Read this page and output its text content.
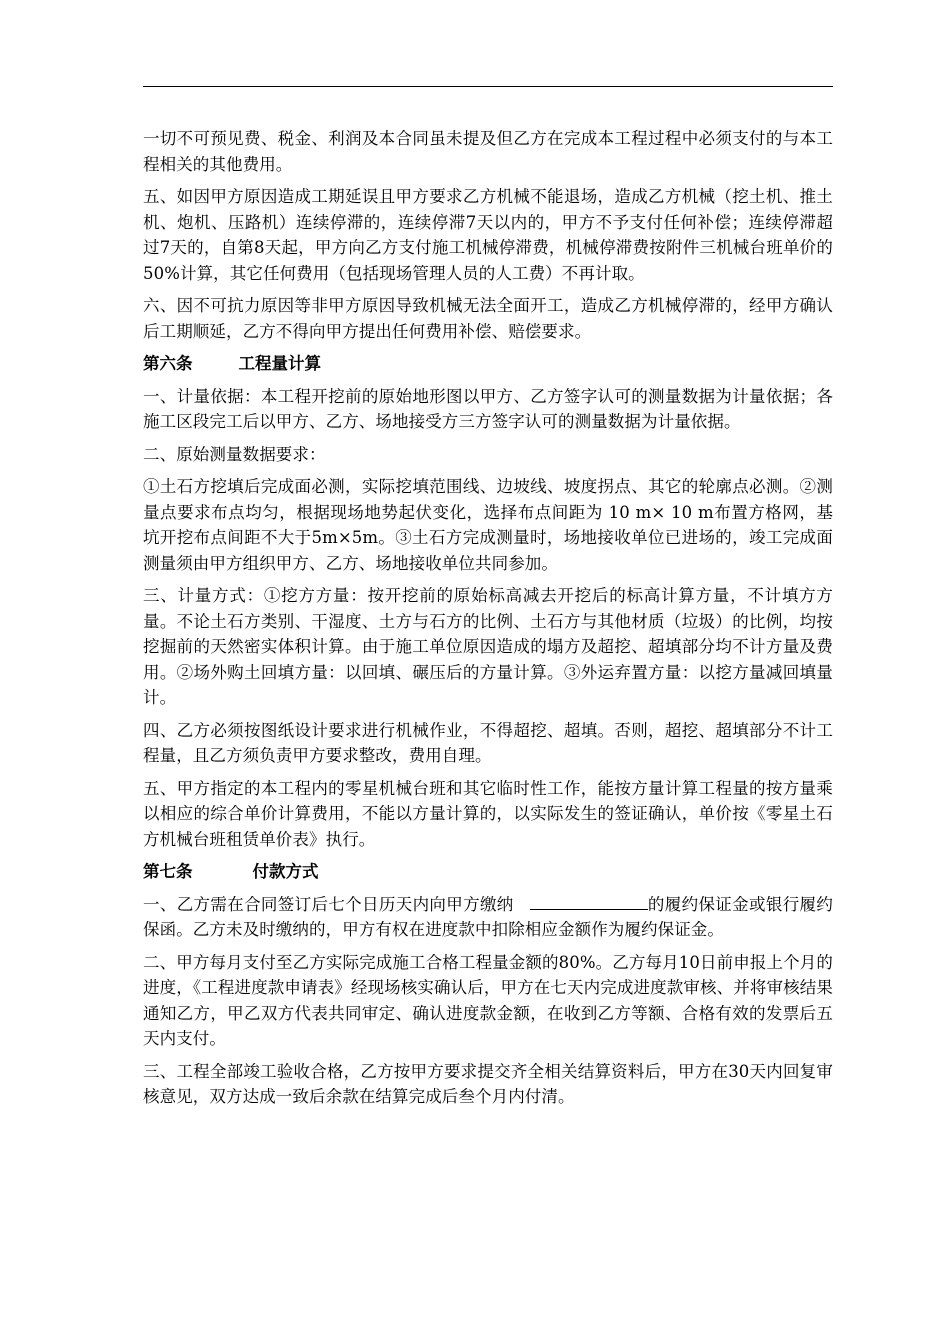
一切不可预见费、税金、利润及本合同虽未提及但乙方在完成本工程过程中必须支付的与本工程相关的其他费用。

五、如因甲方原因造成工期延误且甲方要求乙方机械不能退场，造成乙方机械（挖土机、推土机、炮机、压路机）连续停滞的，连续停滞7天以内的，甲方不予支付任何补偿；连续停滞超过7天的，自第8天起，甲方向乙方支付施工机械停滞费，机械停滞费按附件三机械台班单价的50%计算，其它任何费用（包括现场管理人员的人工费）不再计取。

六、因不可抗力原因等非甲方原因导致机械无法全面开工，造成乙方机械停滞的，经甲方确认后工期顺延，乙方不得向甲方提出任何费用补偿、赔偿要求。

第六条	工程量计算

一、计量依据：本工程开挖前的原始地形图以甲方、乙方签字认可的测量数据为计量依据；各施工区段完工后以甲方、乙方、场地接受方三方签字认可的测量数据为计量依据。

二、原始测量数据要求：

①土石方挖填后完成面必测，实际挖填范围线、边坡线、坡度拐点、其它的轮廓点必测。②测量点要求布点均匀，根据现场地势起伏变化，选择布点间距为 10 m× 10 m布置方格网，基坑开挖布点间距不大于5m×5m。③土石方完成测量时，场地接收单位已进场的，竣工完成面测量须由甲方组织甲方、乙方、场地接收单位共同参加。

三、计量方式：①挖方方量：按开挖前的原始标高减去开挖后的标高计算方量，不计填方方量。不论土石方类别、干湿度、土方与石方的比例、土石方与其他材质（垃圾）的比例，均按挖掘前的天然密实体积计算。由于施工单位原因造成的塌方及超挖、超填部分均不计方量及费用。②场外购土回填方量：以回填、碾压后的方量计算。③外运弃置方量：以挖方量减回填量计。

四、乙方必须按图纸设计要求进行机械作业，不得超挖、超填。否则，超挖、超填部分不计工程量，且乙方须负责甲方要求整改，费用自理。

五、甲方指定的本工程内的零星机械台班和其它临时性工作，能按方量计算工程量的按方量乘以相应的综合单价计算费用，不能以方量计算的，以实际发生的签证确认，单价按《零星土石方机械台班租赁单价表》执行。

第七条	付款方式

一、乙方需在合同签订后七个日历天内向甲方缴纳	的履约保证金或银行履约保函。乙方未及时缴纳的，甲方有权在进度款中扣除相应金额作为履约保证金。

二、甲方每月支付至乙方实际完成施工合格工程量金额的80%。乙方每月10日前申报上个月的进度，《工程进度款申请表》经现场核实确认后，甲方在七天内完成进度款审核、并将审核结果通知乙方，甲乙双方代表共同审定、确认进度款金额，在收到乙方等额、合格有效的发票后五天内支付。

三、工程全部竣工验收合格，乙方按甲方要求提交齐全相关结算资料后，甲方在30天内回复审核意见，双方达成一致后余款在结算完成后叁个月内付清。
